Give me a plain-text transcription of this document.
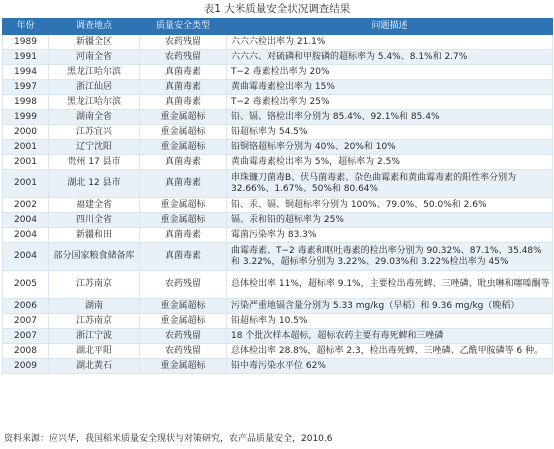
表1 大米质量安全状况调查结果
年份	调查地点	质量安全类型	问题描述
1989	新疆全区	农药残留	六六六检出率为 21.1%
1991	河南全省	农药残留	六六六、对硫磷和甲胺磷的超标率为 5.4%、8.1%和 2.7%
1994	黑龙江哈尔滨	真菌毒素	T−2 毒素检出率为 20%
1997	浙江仙居	真菌毒素	黄曲霉毒素检出率为 15%
1998	黑龙江哈尔滨	真菌毒素	T−2 毒素检出率为 25%
1999	湖南全省	重金属超标	铅、镉、铬检出率分别为 85.4%、92.1%和 85.4%
2000	江苏宜兴	重金属超标	铅超标率为 54.5%
2001	辽宁沈阳	重金属超标	铅铜铬超标率分别为 40%、20%和 10%
2001	贵州 17 县市	真菌毒素	黄曲霉毒素检出率为 5%，超标率为 2.5%
2001	湖北 12 县市	真菌毒素	串珠镰刀菌毒B、伏马菌毒素、杂色曲霉素和黄曲霉毒素的阳性率分别为 32.66%、1.67%、50%和 80.64%
2002	福建全省	重金属超标	铅、汞、镉、铜超标率分别为 100%、79.0%、50.0%和 2.6%
2004	四川全省	重金属超标	镉、汞和铅的超标率为 25%
2004	新疆和田	真菌毒素	霉菌污染率为 83.3%
2004	部分国家粮食储备库	真菌毒素	曲霉毒素、T−2 毒素和呕吐毒素的检出率分别为 90.32%、87.1%、35.48%和 3.22%，超标率分别为 3.22%、29.03%和 3.22%检出率为 45%
2005	江苏南京	农药残留	总体检出率 11%，超标率 9.1%，主要检出毒死蜱、三唑磷、吡虫啉和噻嗪酮等
2006	湖南	重金属超标	污染严重地镉含量分别为 5.33 mg/kg（早稻）和 9.36 mg/kg（晚稻）
2007	江苏南京	重金属超标	铅超标率为 10.5%
2007	浙江宁波	农药残留	18 个批次样本超标，超标农药主要有毒死蜱和三唑磷
2008	湖北平阳	农药残留	总体检出率 28.8%，超标率 2.3，检出毒死蜱、三唑磷、乙酰甲胺磷等 6 种。
2009	湖北黄石	重金属超标	铅中毒污染水平位 62%
资料来源：应兴华，我国稻米质量安全现状与对策研究，农产品质量安全，2010.6
